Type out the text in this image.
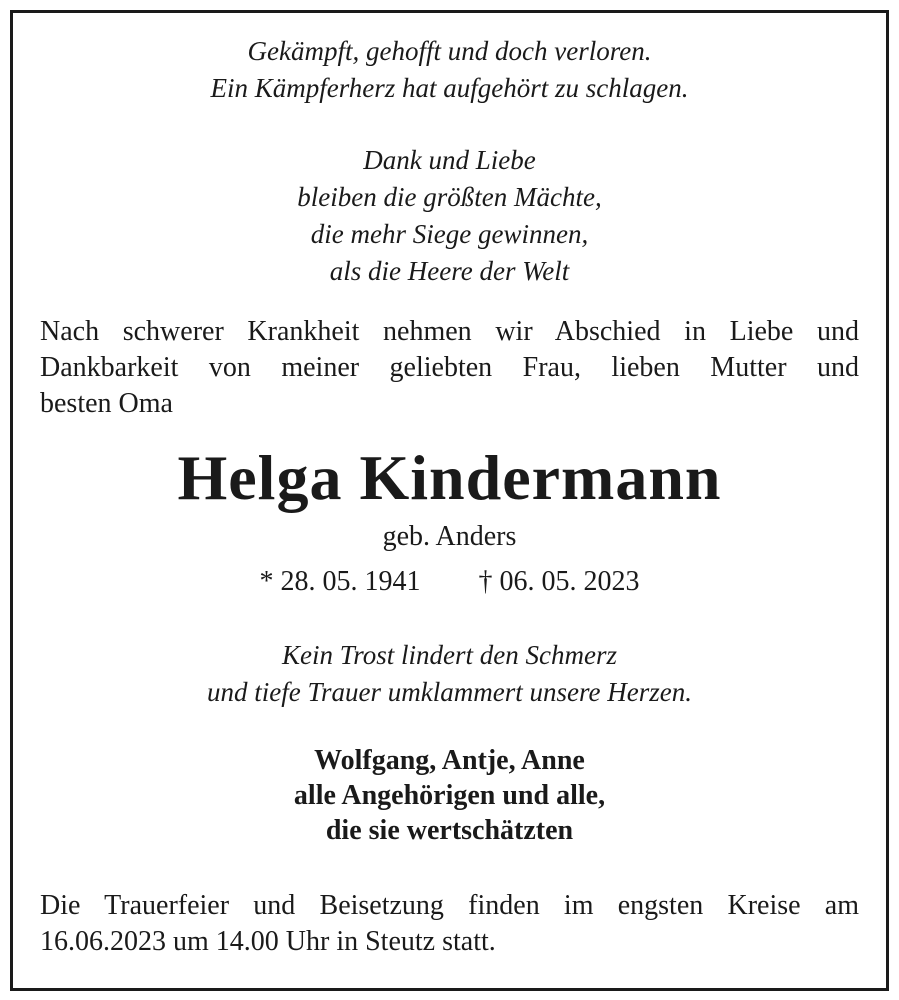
Gekämpft, gehofft und doch verloren.
Ein Kämpferherz hat aufgehört zu schlagen.
Dank und Liebe
bleiben die größten Mächte,
die mehr Siege gewinnen,
als die Heere der Welt
Nach schwerer Krankheit nehmen wir Abschied in Liebe und
Dankbarkeit von meiner geliebten Frau, lieben Mutter und
besten Oma
Helga Kindermann
geb. Anders
* 28. 05. 1941 † 06. 05. 2023
Kein Trost lindert den Schmerz
und tiefe Trauer umklammert unsere Herzen.
Wolfgang, Antje, Anne
alle Angehörigen und alle,
die sie wertschätzten
Die Trauerfeier und Beisetzung finden im engsten Kreise am
16.06.2023 um 14.00 Uhr in Steutz statt.
